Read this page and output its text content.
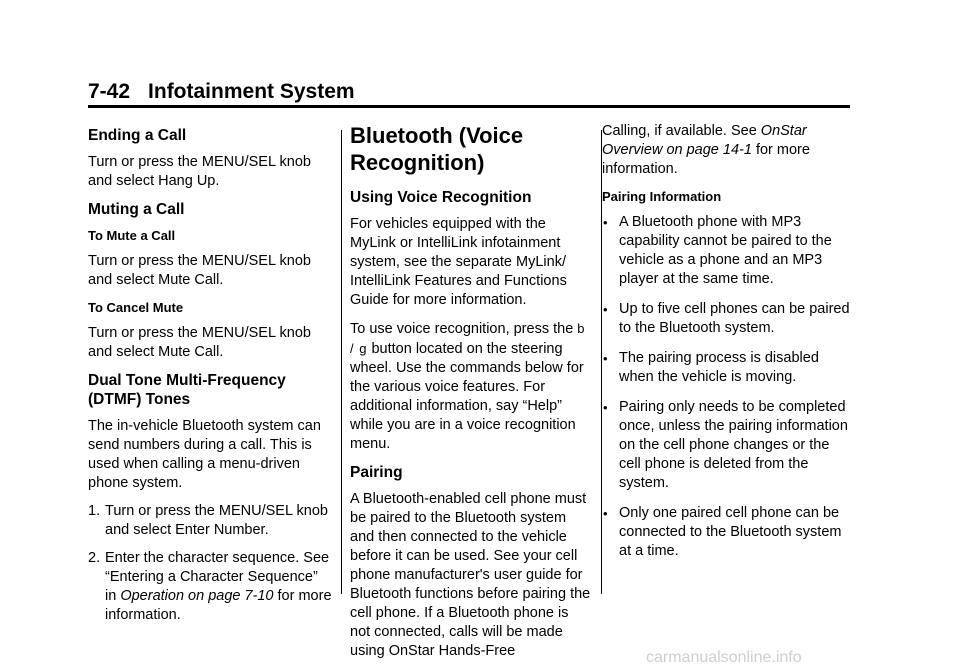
7-42 Infotainment System
Ending a Call

Turn or press the MENU/SEL knob and select Hang Up.

Muting a Call
To Mute a Call

Turn or press the MENU/SEL knob and select Mute Call.

To Cancel Mute

Turn or press the MENU/SEL knob and select Mute Call.

Dual Tone Multi-Frequency (DTMF) Tones

The in-vehicle Bluetooth system can send numbers during a call. This is used when calling a menu-driven phone system.

1. Turn or press the MENU/SEL knob and select Enter Number.
2. Enter the character sequence. See “Entering a Character Sequence” in Operation on page 7-10 for more information.
Bluetooth (Voice Recognition)
Using Voice Recognition

For vehicles equipped with the MyLink or IntelliLink infotainment system, see the separate MyLink/ IntelliLink Features and Functions Guide for more information.

To use voice recognition, press the b / g button located on the steering wheel. Use the commands below for the various voice features. For additional information, say “Help” while you are in a voice recognition menu.

Pairing

A Bluetooth-enabled cell phone must be paired to the Bluetooth system and then connected to the vehicle before it can be used. See your cell phone manufacturer's user guide for Bluetooth functions before pairing the cell phone. If a Bluetooth phone is not connected, calls will be made using OnStar Hands-Free

Calling, if available. See OnStar Overview on page 14-1 for more information.

Pairing Information
• A Bluetooth phone with MP3 capability cannot be paired to the vehicle as a phone and an MP3 player at the same time.
• Up to five cell phones can be paired to the Bluetooth system.
• The pairing process is disabled when the vehicle is moving.
• Pairing only needs to be completed once, unless the pairing information on the cell phone changes or the cell phone is deleted from the system.
• Only one paired cell phone can be connected to the Bluetooth system at a time.
carmanualsonline.info
